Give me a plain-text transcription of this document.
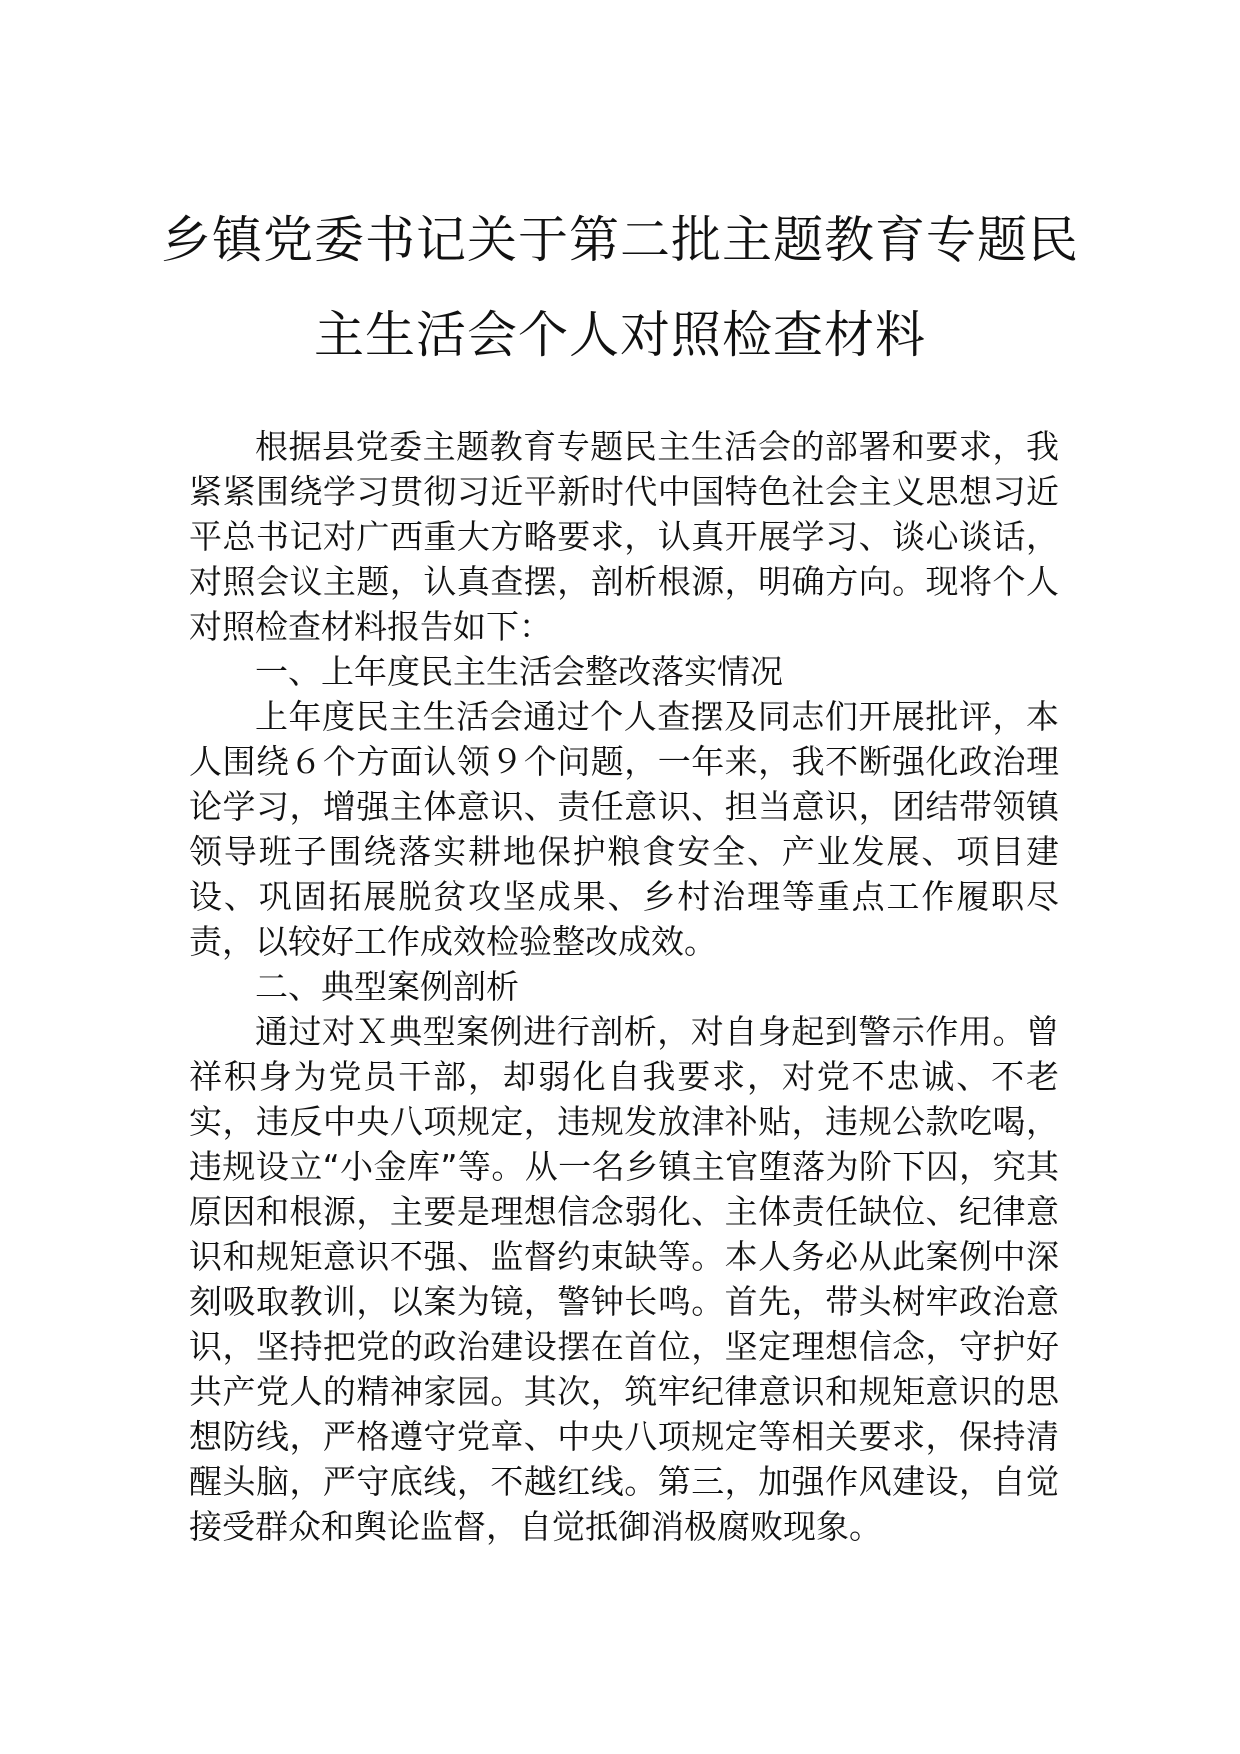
乡镇党委书记关于第二批主题教育专题民
主生活会个人对照检查材料

根据县党委主题教育专题民主生活会的部署和要求，我紧紧围绕学习贯彻习近平新时代中国特色社会主义思想习近平总书记对广西重大方略要求，认真开展学习、谈心谈话，对照会议主题，认真查摆，剖析根源，明确方向。现将个人对照检查材料报告如下：

一、上年度民主生活会整改落实情况

上年度民主生活会通过个人查摆及同志们开展批评，本人围绕６个方面认领９个问题，一年来，我不断强化政治理论学习，增强主体意识、责任意识、担当意识，团结带领镇领导班子围绕落实耕地保护粮食安全、产业发展、项目建设、巩固拓展脱贫攻坚成果、乡村治理等重点工作履职尽责，以较好工作成效检验整改成效。

二、典型案例剖析

通过对Ｘ典型案例进行剖析，对自身起到警示作用。曾祥积身为党员干部，却弱化自我要求，对党不忠诚、不老实，违反中央八项规定，违规发放津补贴，违规公款吃喝，违规设立“小金库”等。从一名乡镇主官堕落为阶下囚，究其原因和根源，主要是理想信念弱化、主体责任缺位、纪律意识和规矩意识不强、监督约束缺等。本人务必从此案例中深刻吸取教训，以案为镜，警钟长鸣。首先，带头树牢政治意识，坚持把党的政治建设摆在首位，坚定理想信念，守护好共产党人的精神家园。其次，筑牢纪律意识和规矩意识的思想防线，严格遵守党章、中央八项规定等相关要求，保持清醒头脑，严守底线，不越红线。第三，加强作风建设，自觉接受群众和舆论监督，自觉抵御消极腐败现象。
